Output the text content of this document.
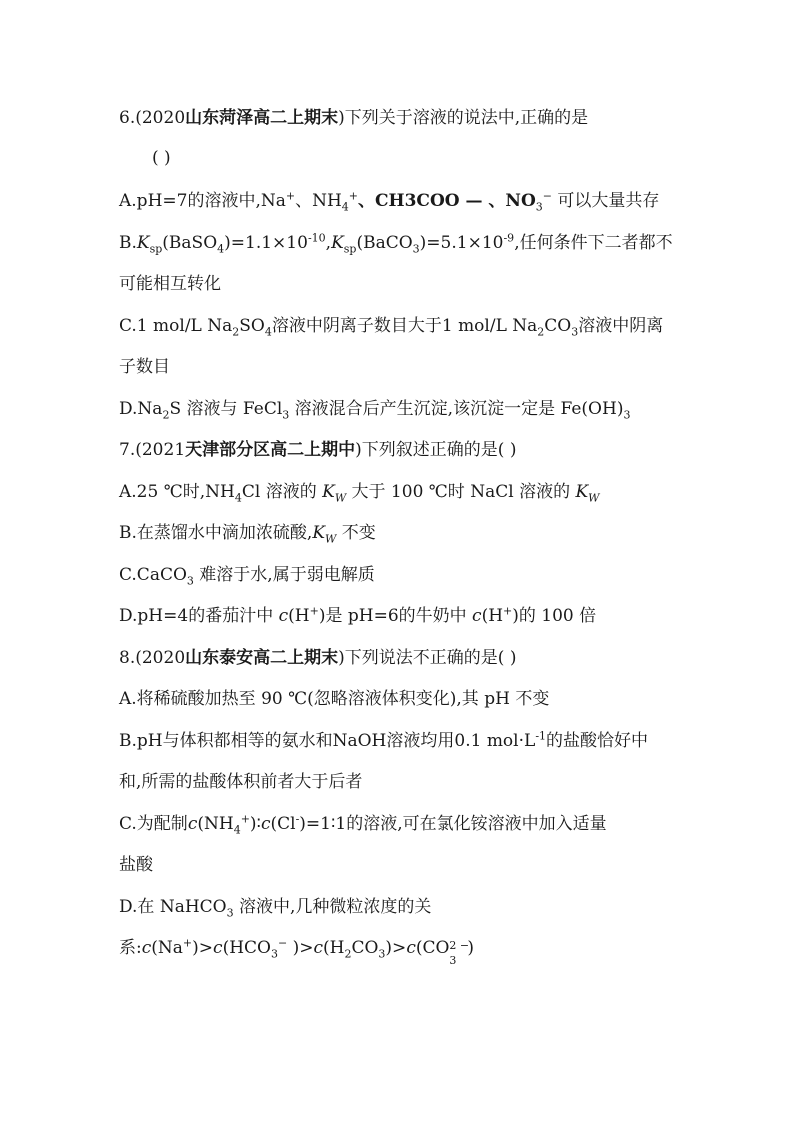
6.(2020山东菏泽高二上期末)下列关于溶液的说法中,正确的是
( )
A.pH=7的溶液中,Na+、$NH_4^+$、CH3COO — 、$NO_3^-$ 可以大量共存
$B.K_{sp}(BaSO_4)=1.1\times 10^{-10},K_{sp}(BaCO_3)=5.1\times 10^{-9}$,任何条件下二者都不
可能相互转化
C.1 mol/L $Na_2SO_4$溶液中阴离子数目大于1 mol/L $Na_2CO_3$溶液中阴离
子数目
$D.Na_2S$ 溶液与 FeCl$_3$ 溶液混合后产生沉淀,该沉淀一定是 $Fe(OH)_3$
7.(2021天津部分区高二上期中)下列叙述正确的是( )
A.25 ℃时$,NH_4Cl$ 溶液的 $K_W$ 大于 100 ℃时 NaCl 溶液的 $K_W$
B.在蒸馏水中滴加浓硫酸$,K_W$ 不变
C.CaCO$_3$ 难溶于水,属于弱电解质
D.pH=4的番茄汁中 c(H+)是 pH=6的牛奶中 c(H+)的 100 倍
8.(2020山东泰安高二上期末)下列说法不正确的是( )
A.将稀硫酸加热至 90 ℃(忽略溶液体积变化),其 pH 不变
B.pH与体积都相等的氨水和NaOH溶液均用0.1 $mol\cdot L^{-1}$的盐酸恰好中
和,所需的盐酸体积前者大于后者
C.为配制$c(NH_4^+)∶c(Cl^-)=1∶1$的溶液,可在氯化铵溶液中加入适量
盐酸
D.在 NaHCO$_3$ 溶液中,几种微粒浓度的关
系$:c(Na^+)>c(HCO_3^-$ )$>c(H_2CO_3)>c(CO$ 2 −
3
)
